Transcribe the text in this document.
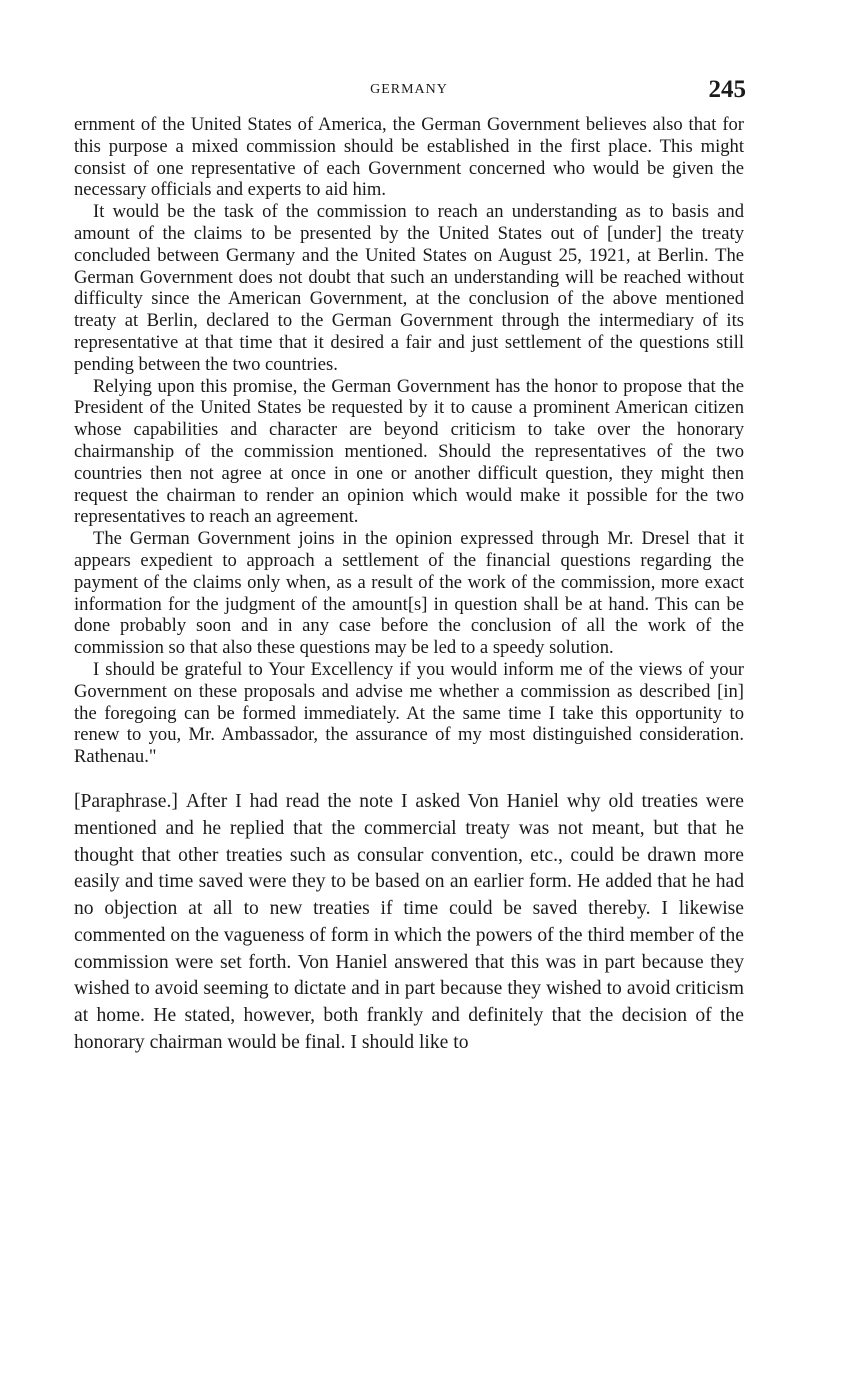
GERMANY	245

ernment of the United States of America, the German Government believes also that for this purpose a mixed commission should be established in the first place. This might consist of one representative of each Government concerned who would be given the necessary officials and experts to aid him.

It would be the task of the commission to reach an understanding as to basis and amount of the claims to be presented by the United States out of [under] the treaty concluded between Germany and the United States on August 25, 1921, at Berlin. The German Government does not doubt that such an understanding will be reached without difficulty since the American Government, at the conclusion of the above mentioned treaty at Berlin, declared to the German Government through the intermediary of its representative at that time that it desired a fair and just settlement of the questions still pending between the two countries.

Relying upon this promise, the German Government has the honor to propose that the President of the United States be requested by it to cause a prominent American citizen whose capabilities and character are beyond criticism to take over the honorary chairmanship of the commission mentioned. Should the representatives of the two countries then not agree at once in one or another difficult question, they might then request the chairman to render an opinion which would make it possible for the two representatives to reach an agreement.

The German Government joins in the opinion expressed through Mr. Dresel that it appears expedient to approach a settlement of the financial questions regarding the payment of the claims only when, as a result of the work of the commission, more exact information for the judgment of the amount[s] in question shall be at hand. This can be done probably soon and in any case before the conclusion of all the work of the commission so that also these questions may be led to a speedy solution.

I should be grateful to Your Excellency if you would inform me of the views of your Government on these proposals and advise me whether a commission as described [in] the foregoing can be formed immediately. At the same time I take this opportunity to renew to you, Mr. Ambassador, the assurance of my most distinguished consideration. Rathenau."

[Paraphrase.] After I had read the note I asked Von Haniel why old treaties were mentioned and he replied that the commercial treaty was not meant, but that he thought that other treaties such as consular convention, etc., could be drawn more easily and time saved were they to be based on an earlier form. He added that he had no objection at all to new treaties if time could be saved thereby. I likewise commented on the vagueness of form in which the powers of the third member of the commission were set forth. Von Haniel answered that this was in part because they wished to avoid seeming to dictate and in part because they wished to avoid criticism at home. He stated, however, both frankly and definitely that the decision of the honorary chairman would be final. I should like to
